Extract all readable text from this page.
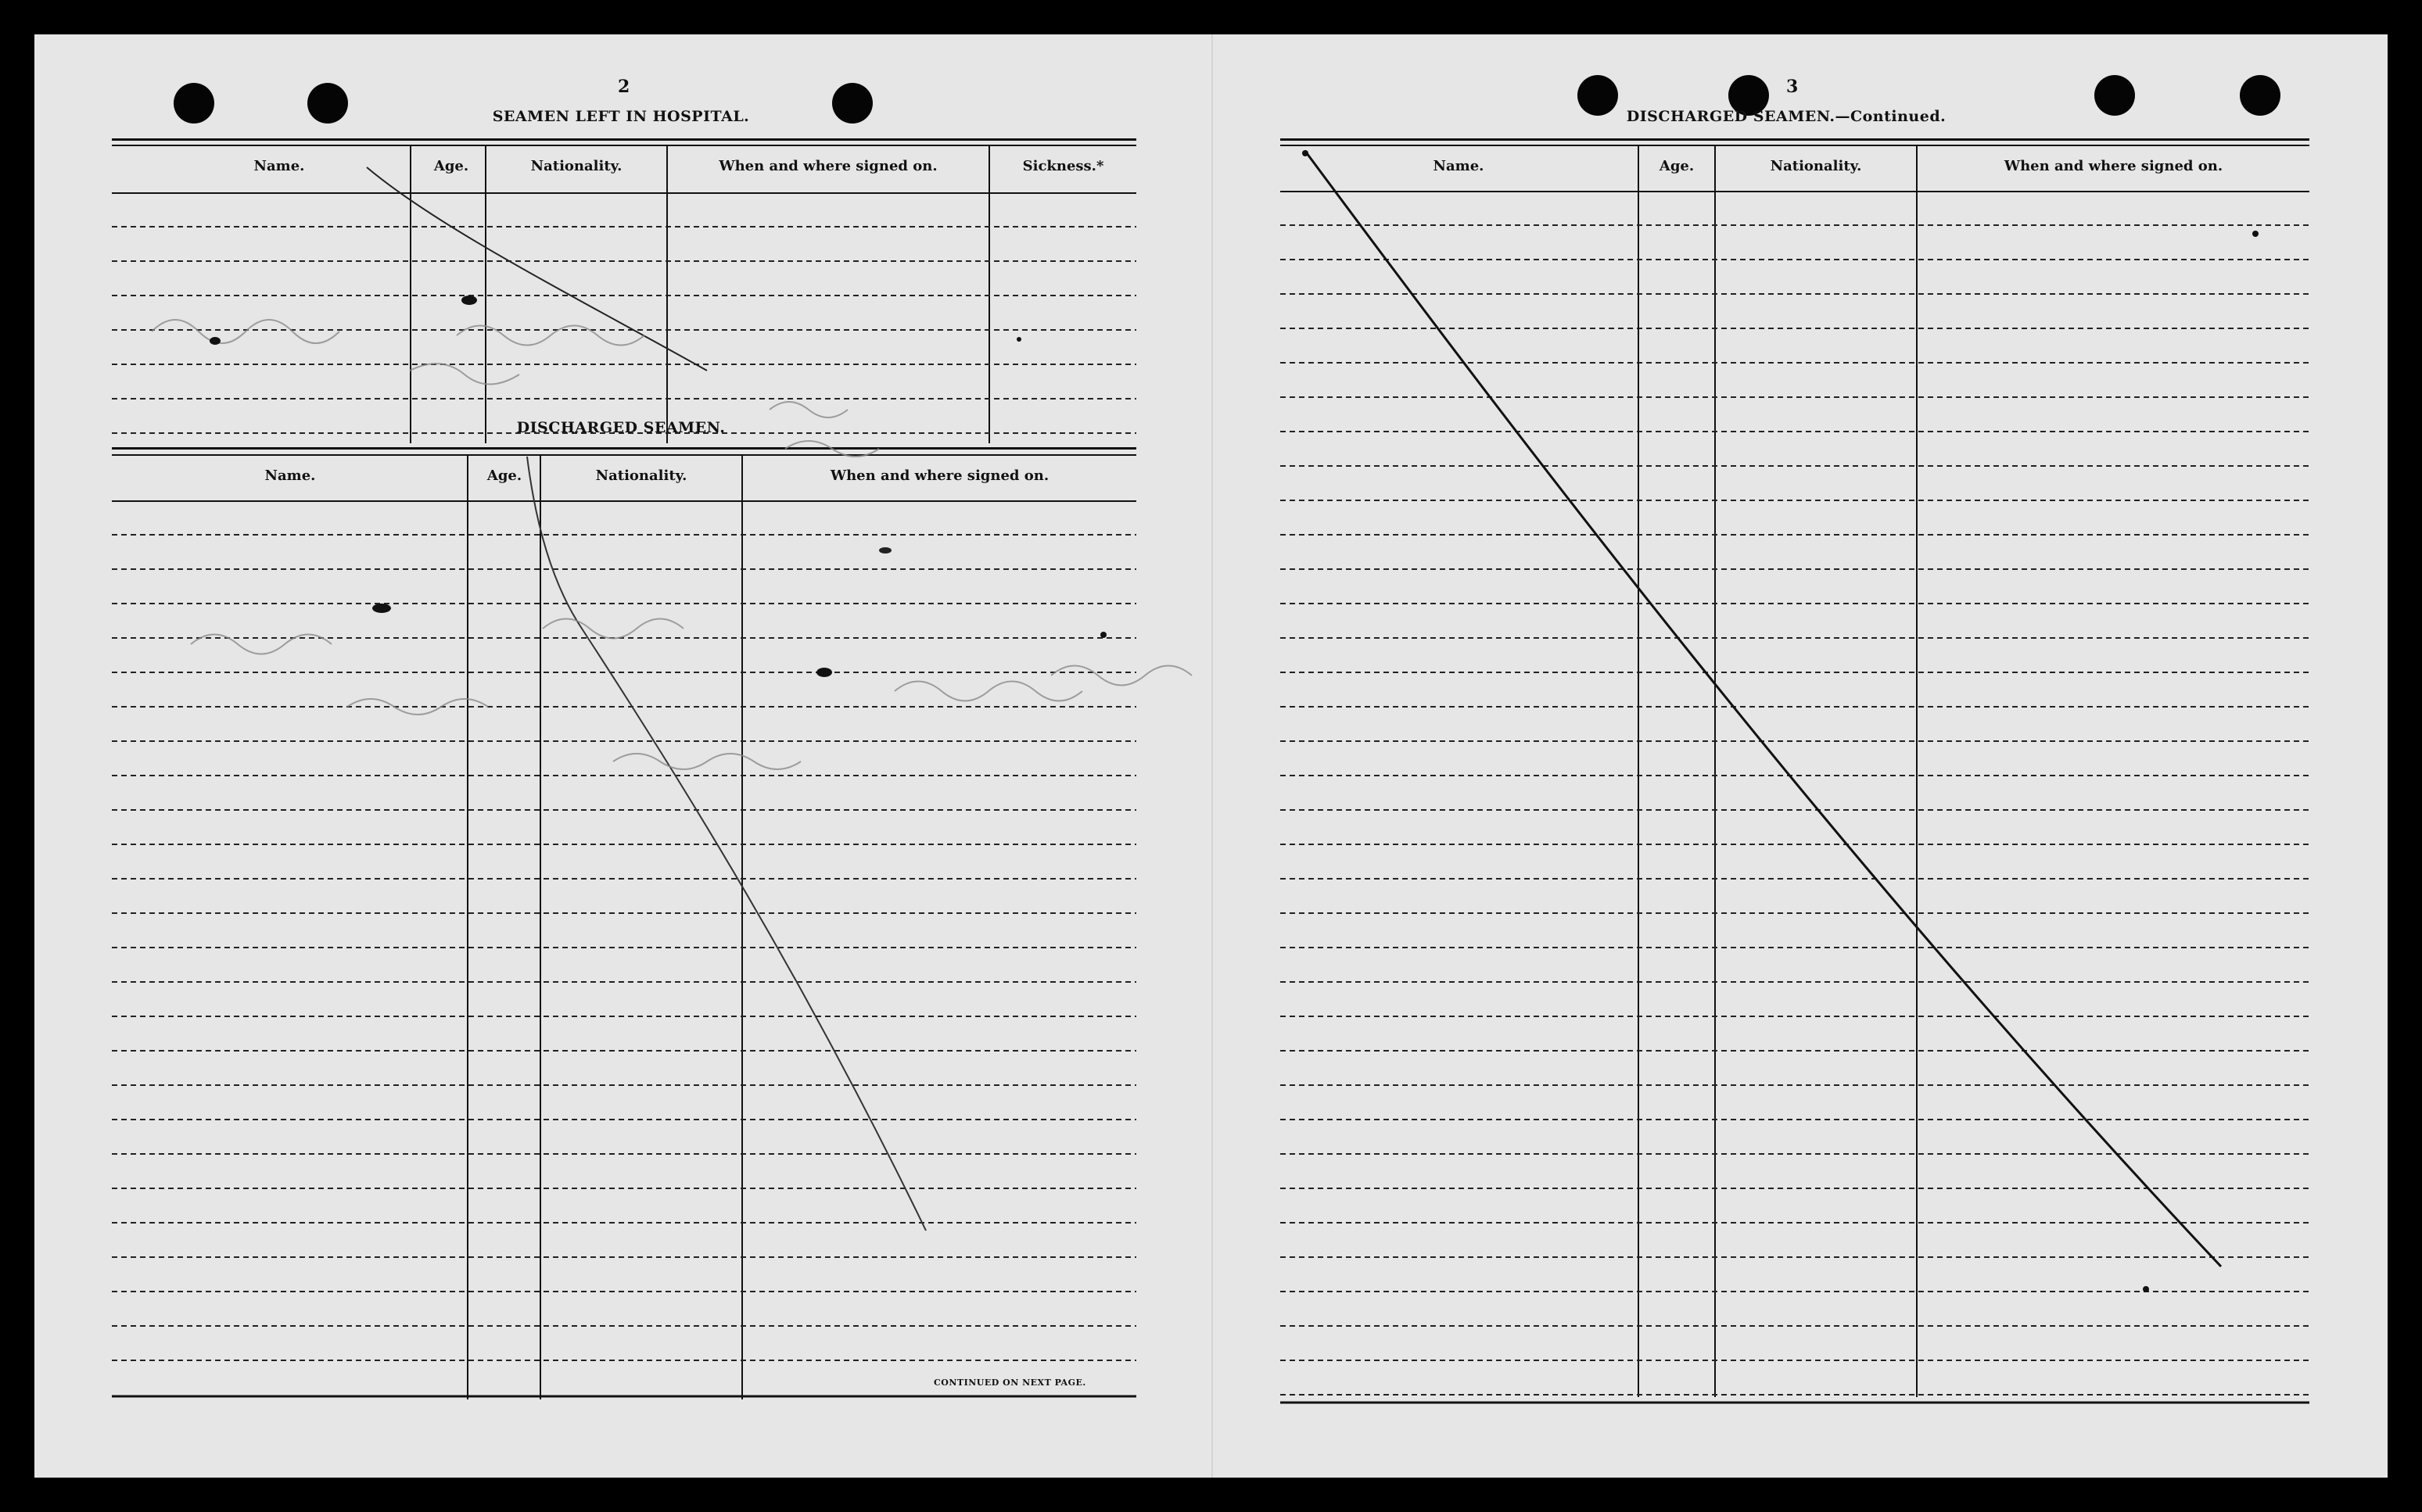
2
SEAMEN LEFT IN HOSPITAL.
Name.	Age.	Nationality.	When and where signed on.	Sickness.*
DISCHARGED SEAMEN.
Name.	Age.	Nationality.	When and where signed on.
CONTINUED ON NEXT PAGE.
3
DISCHARGED SEAMEN.—Continued.
Name.	Age.	Nationality.	When and where signed on.
